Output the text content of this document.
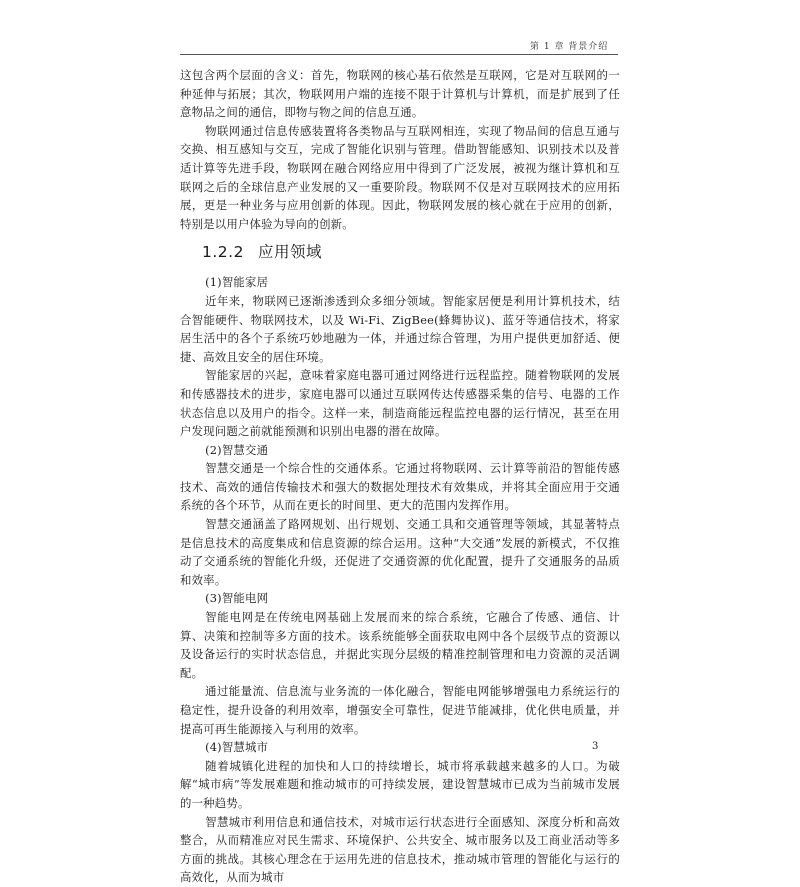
第 1 章 背景介绍

这包含两个层面的含义：首先，物联网的核心基石依然是互联网，它是对互联网的一种延伸与拓展；其次，物联网用户端的连接不限于计算机与计算机，而是扩展到了任意物品之间的通信，即物与物之间的信息互通。

物联网通过信息传感装置将各类物品与互联网相连，实现了物品间的信息互通与交换、相互感知与交互，完成了智能化识别与管理。借助智能感知、识别技术以及普适计算等先进手段，物联网在融合网络应用中得到了广泛发展，被视为继计算机和互联网之后的全球信息产业发展的又一重要阶段。物联网不仅是对互联网技术的应用拓展，更是一种业务与应用创新的体现。因此，物联网发展的核心就在于应用的创新，特别是以用户体验为导向的创新。

1.2.2 应用领域

(1)智能家居

近年来，物联网已逐渐渗透到众多细分领域。智能家居便是利用计算机技术，结合智能硬件、物联网技术，以及 Wi-Fi、ZigBee(蜂舞协议)、蓝牙等通信技术，将家居生活中的各个子系统巧妙地融为一体，并通过综合管理，为用户提供更加舒适、便捷、高效且安全的居住环境。

智能家居的兴起，意味着家庭电器可通过网络进行远程监控。随着物联网的发展和传感器技术的进步，家庭电器可以通过互联网传达传感器采集的信号、电器的工作状态信息以及用户的指令。这样一来，制造商能远程监控电器的运行情况，甚至在用户发现问题之前就能预测和识别出电器的潜在故障。

(2)智慧交通

智慧交通是一个综合性的交通体系。它通过将物联网、云计算等前沿的智能传感技术、高效的通信传输技术和强大的数据处理技术有效集成，并将其全面应用于交通系统的各个环节，从而在更长的时间里、更大的范围内发挥作用。

智慧交通涵盖了路网规划、出行规划、交通工具和交通管理等领域，其显著特点是信息技术的高度集成和信息资源的综合运用。这种“大交通”发展的新模式，不仅推动了交通系统的智能化升级，还促进了交通资源的优化配置，提升了交通服务的品质和效率。

(3)智能电网

智能电网是在传统电网基础上发展而来的综合系统，它融合了传感、通信、计算、决策和控制等多方面的技术。该系统能够全面获取电网中各个层级节点的资源以及设备运行的实时状态信息，并据此实现分层级的精准控制管理和电力资源的灵活调配。

通过能量流、信息流与业务流的一体化融合，智能电网能够增强电力系统运行的稳定性，提升设备的利用效率，增强安全可靠性，促进节能减排，优化供电质量，并提高可再生能源接入与利用的效率。

(4)智慧城市

随着城镇化进程的加快和人口的持续增长，城市将承载越来越多的人口。为破解“城市病”等发展难题和推动城市的可持续发展，建设智慧城市已成为当前城市发展的一种趋势。

智慧城市利用信息和通信技术，对城市运行状态进行全面感知、深度分析和高效整合，从而精准应对民生需求、环境保护、公共安全、城市服务以及工商业活动等多方面的挑战。其核心理念在于运用先进的信息技术，推动城市管理的智能化与运行的高效化，从而为城市

3
